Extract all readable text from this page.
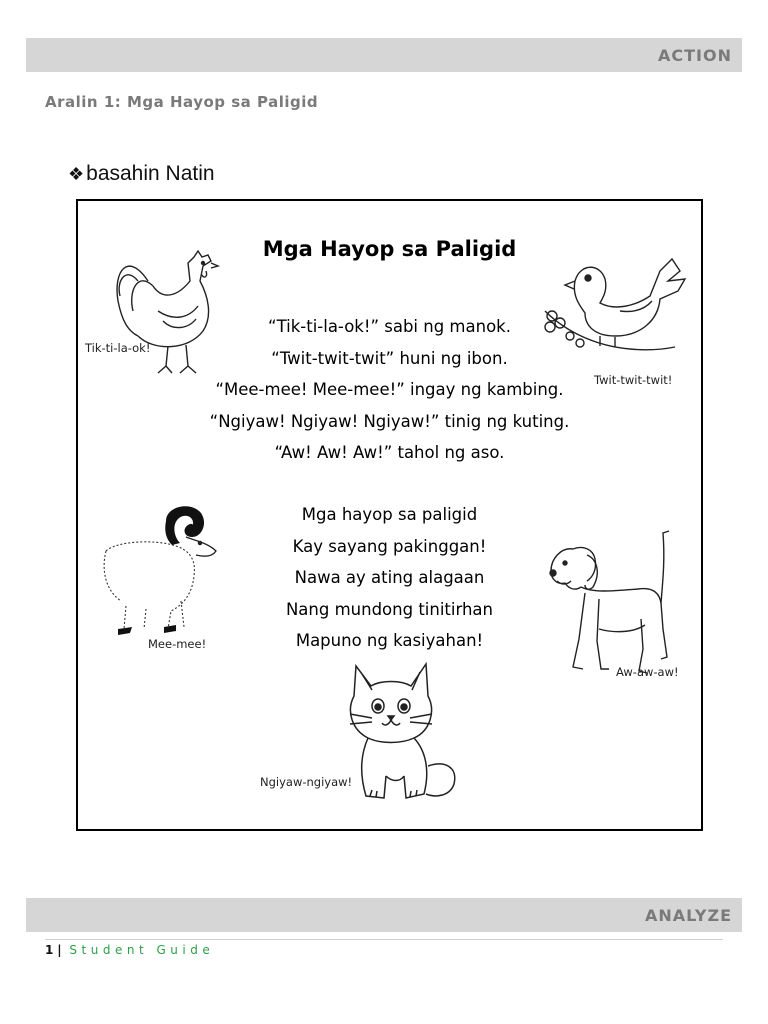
ACTION
Aralin 1: Mga Hayop sa Paligid
❖basahin Natin
Mga Hayop sa Paligid
“Tik-ti-la-ok!” sabi ng manok.
“Twit-twit-twit” huni ng ibon.
“Mee-mee! Mee-mee!” ingay ng kambing.
“Ngiyaw! Ngiyaw! Ngiyaw!” tinig ng kuting.
“Aw! Aw! Aw!” tahol ng aso.
Mga hayop sa paligid
Kay sayang pakinggan!
Nawa ay ating alagaan
Nang mundong tinitirhan
Mapuno ng kasiyahan!
Tik-ti-la-ok!
Twit-twit-twit!
Mee-mee!
Aw-aw-aw!
Ngiyaw-ngiyaw!
ANALYZE
1 | Student Guide
